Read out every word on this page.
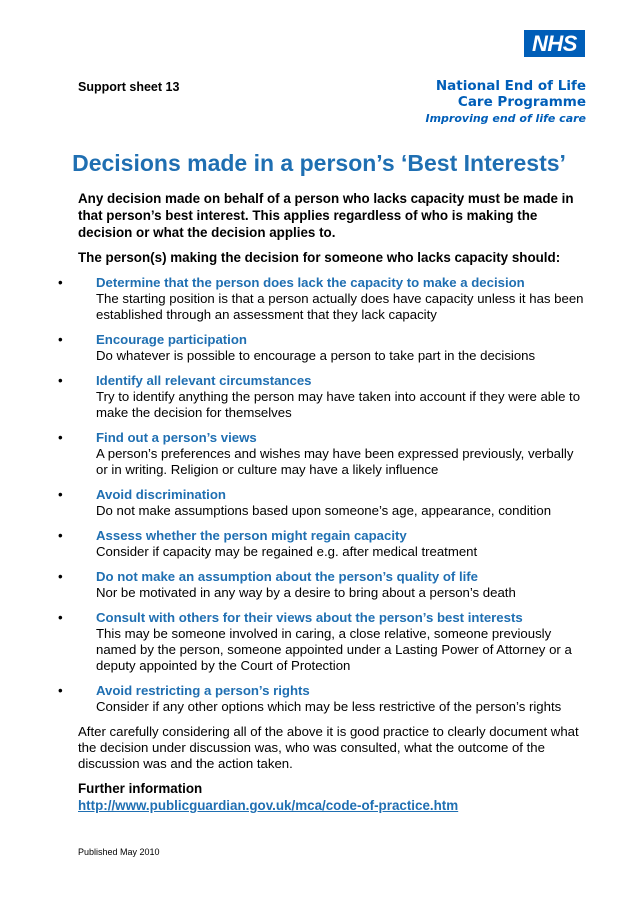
NHS
Support sheet 13	National End of Life
Care Programme
Improving end of life care
Decisions made in a person’s ‘Best Interests’

Any decision made on behalf of a person who lacks capacity must be made in that person’s best interest. This applies regardless of who is making the decision or what the decision applies to.

The person(s) making the decision for someone who lacks capacity should:

•	Determine that the person does lack the capacity to make a decision
The starting position is that a person actually does have capacity unless it has been established through an assessment that they lack capacity
•	Encourage participation
Do whatever is possible to encourage a person to take part in the decisions
•	Identify all relevant circumstances
Try to identify anything the person may have taken into account if they were able to make the decision for themselves
•	Find out a person’s views
A person’s preferences and wishes may have been expressed previously, verbally or in writing. Religion or culture may have a likely influence
•	Avoid discrimination
Do not make assumptions based upon someone’s age, appearance, condition
•	Assess whether the person might regain capacity
Consider if capacity may be regained e.g. after medical treatment
•	Do not make an assumption about the person’s quality of life
Nor be motivated in any way by a desire to bring about a person’s death
•	Consult with others for their views about the person’s best interests
This may be someone involved in caring, a close relative, someone previously named by the person, someone appointed under a Lasting Power of Attorney or a deputy appointed by the Court of Protection
•	Avoid restricting a person’s rights
Consider if any other options which may be less restrictive of the person’s rights

After carefully considering all of the above it is good practice to clearly document what the decision under discussion was, who was consulted, what the outcome of the discussion was and the action taken.

Further information

http://www.publicguardian.gov.uk/mca/code-of-practice.htm
Published May 2010
